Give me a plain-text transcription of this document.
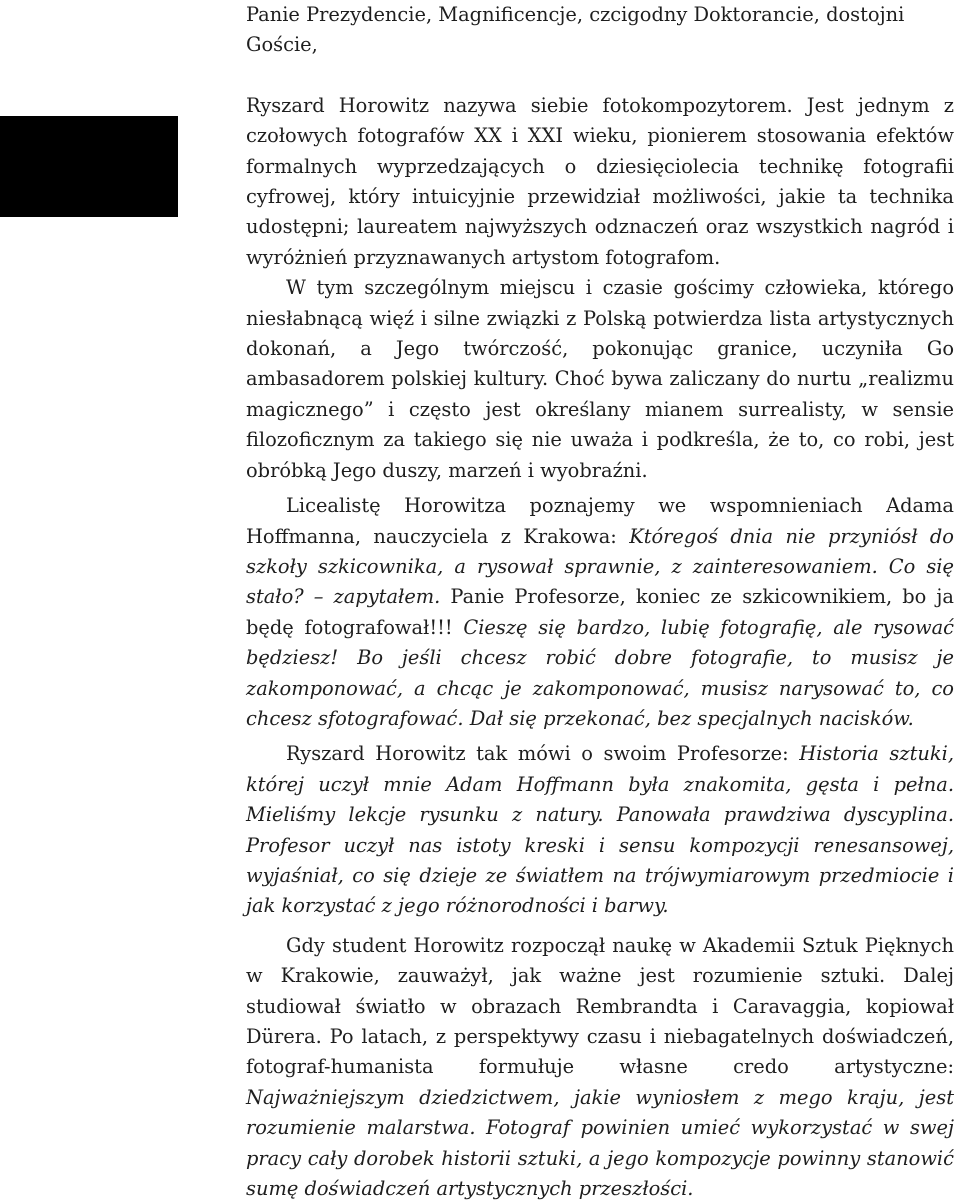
Panie Prezydencie, Magnificencje, czcigodny Doktorancie, dostojni Goście,

Ryszard Horowitz nazywa siebie fotokompozytorem. Jest jednym z czołowych fotografów XX i XXI wieku, pionierem stosowania efektów formalnych wyprzedzających o dziesięciolecia technikę fotografii cyfrowej, który intuicyjnie przewidział możliwości, jakie ta technika udostępni; laureatem najwyższych odznaczeń oraz wszystkich nagród i wyróżnień przyznawanych artystom fotografom.

W tym szczególnym miejscu i czasie gościmy człowieka, którego niesłabnącą więź i silne związki z Polską potwierdza lista artystycznych dokonań, a Jego twórczość, pokonując granice, uczyniła Go ambasadorem polskiej kultury. Choć bywa zaliczany do nurtu „realizmu magicznego” i często jest określany mianem surrealisty, w sensie filozoficznym za takiego się nie uważa i podkreśla, że to, co robi, jest obróbką Jego duszy, marzeń i wyobraźni.

Licealistę Horowitza poznajemy we wspomnieniach Adama Hoffmanna, nauczyciela z Krakowa: Któregoś dnia nie przyniósł do szkoły szkicownika, a rysował sprawnie, z zainteresowaniem. Co się stało? – zapytałem. Panie Profesorze, koniec ze szkicownikiem, bo ja będę fotografował!!! Cieszę się bardzo, lubię fotografię, ale rysować będziesz! Bo jeśli chcesz robić dobre fotografie, to musisz je zakomponować, a chcąc je zakomponować, musisz narysować to, co chcesz sfotografować. Dał się przekonać, bez specjalnych nacisków.

Ryszard Horowitz tak mówi o swoim Profesorze: Historia sztuki, której uczył mnie Adam Hoffmann była znakomita, gęsta i pełna. Mieliśmy lekcje rysunku z natury. Panowała prawdziwa dyscyplina. Profesor uczył nas istoty kreski i sensu kompozycji renesansowej, wyjaśniał, co się dzieje ze światłem na trójwymiarowym przedmiocie i jak korzystać z jego różnorodności i barwy.

Gdy student Horowitz rozpoczął naukę w Akademii Sztuk Pięknych w Krakowie, zauważył, jak ważne jest rozumienie sztuki. Dalej studiował światło w obrazach Rembrandta i Caravaggia, kopiował Dürera. Po latach, z perspektywy czasu i niebagatelnych doświadczeń, fotograf-humanista formułuje własne credo artystyczne: Najważniejszym dziedzictwem, jakie wyniosłem z mego kraju, jest rozumienie malarstwa. Fotograf powinien umieć wykorzystać w swej pracy cały dorobek historii sztuki, a jego kompozycje powinny stanowić sumę doświadczeń artystycznych przeszłości.
